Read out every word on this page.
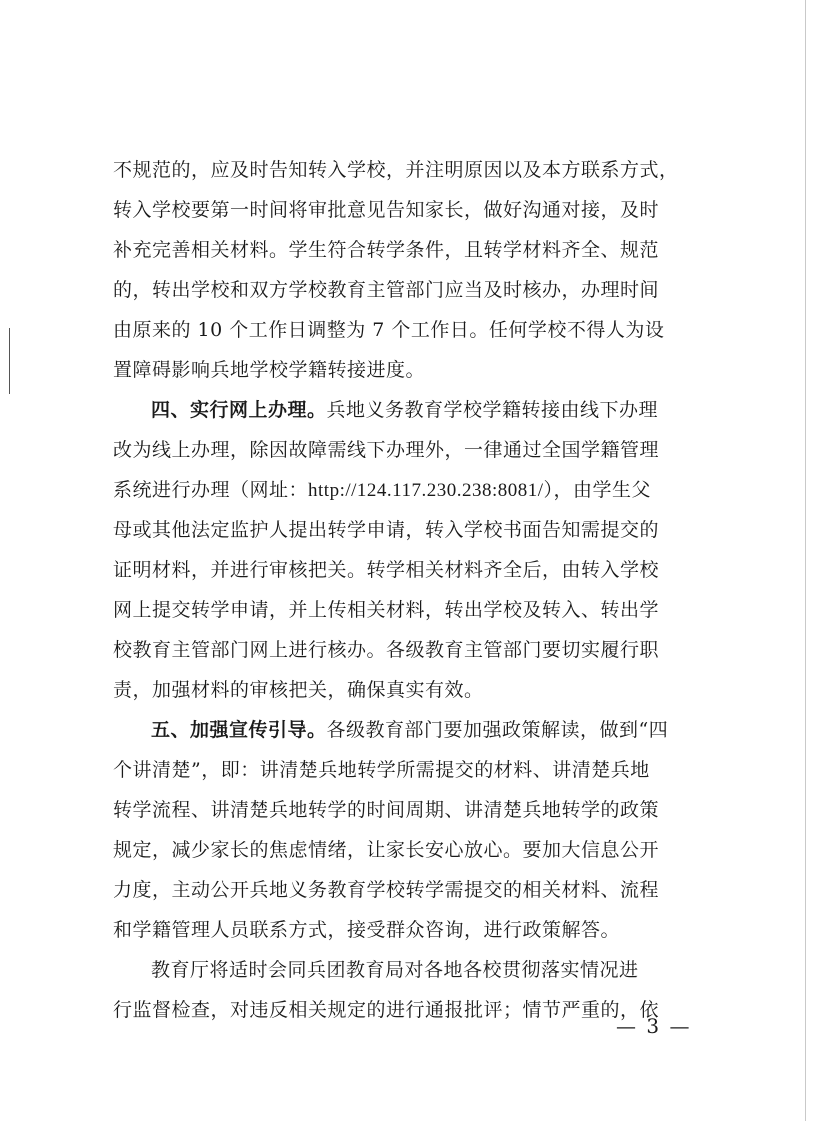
不规范的，应及时告知转入学校，并注明原因以及本方联系方式，
转入学校要第一时间将审批意见告知家长，做好沟通对接，及时
补充完善相关材料。学生符合转学条件，且转学材料齐全、规范
的，转出学校和双方学校教育主管部门应当及时核办，办理时间
由原来的 10 个工作日调整为 7 个工作日。任何学校不得人为设
置障碍影响兵地学校学籍转接进度。
四、实行网上办理。兵地义务教育学校学籍转接由线下办理
改为线上办理，除因故障需线下办理外，一律通过全国学籍管理
系统进行办理（网址：http://124.117.230.238:8081/），由学生父
母或其他法定监护人提出转学申请，转入学校书面告知需提交的
证明材料，并进行审核把关。转学相关材料齐全后，由转入学校
网上提交转学申请，并上传相关材料，转出学校及转入、转出学
校教育主管部门网上进行核办。各级教育主管部门要切实履行职
责，加强材料的审核把关，确保真实有效。
五、加强宣传引导。各级教育部门要加强政策解读，做到“四
个讲清楚”，即：讲清楚兵地转学所需提交的材料、讲清楚兵地
转学流程、讲清楚兵地转学的时间周期、讲清楚兵地转学的政策
规定，减少家长的焦虑情绪，让家长安心放心。要加大信息公开
力度，主动公开兵地义务教育学校转学需提交的相关材料、流程
和学籍管理人员联系方式，接受群众咨询，进行政策解答。
教育厅将适时会同兵团教育局对各地各校贯彻落实情况进
行监督检查，对违反相关规定的进行通报批评；情节严重的，依
— 3 —
